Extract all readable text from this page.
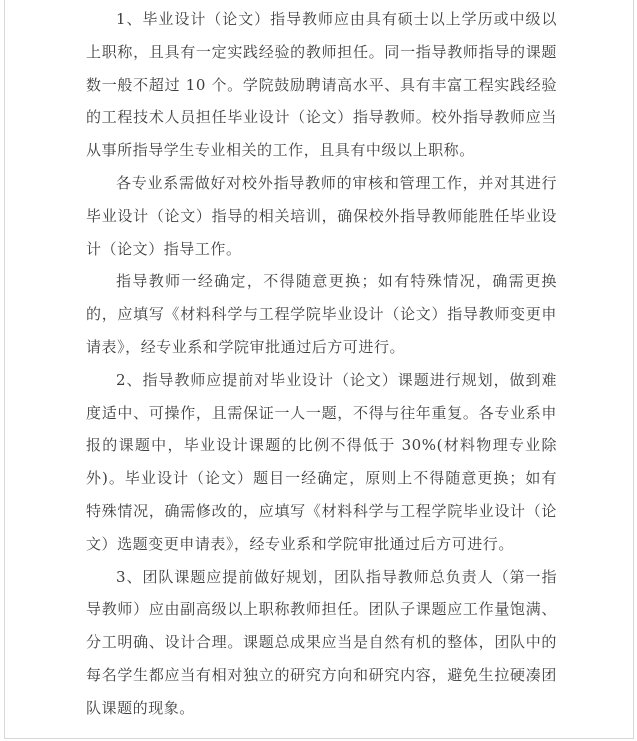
1、毕业设计（论文）指导教师应由具有硕士以上学历或中级以上职称，且具有一定实践经验的教师担任。同一指导教师指导的课题数一般不超过 10 个。学院鼓励聘请高水平、具有丰富工程实践经验的工程技术人员担任毕业设计（论文）指导教师。校外指导教师应当从事所指导学生专业相关的工作，且具有中级以上职称。

各专业系需做好对校外指导教师的审核和管理工作，并对其进行毕业设计（论文）指导的相关培训，确保校外指导教师能胜任毕业设计（论文）指导工作。

指导教师一经确定，不得随意更换；如有特殊情况，确需更换的，应填写《材料科学与工程学院毕业设计（论文）指导教师变更申请表》，经专业系和学院审批通过后方可进行。

2、指导教师应提前对毕业设计（论文）课题进行规划，做到难度适中、可操作，且需保证一人一题，不得与往年重复。各专业系申报的课题中，毕业设计课题的比例不得低于 30%(材料物理专业除外)。毕业设计（论文）题目一经确定，原则上不得随意更换；如有特殊情况，确需修改的，应填写《材料科学与工程学院毕业设计（论文）选题变更申请表》，经专业系和学院审批通过后方可进行。

3、团队课题应提前做好规划，团队指导教师总负责人（第一指导教师）应由副高级以上职称教师担任。团队子课题应工作量饱满、分工明确、设计合理。课题总成果应当是自然有机的整体，团队中的每名学生都应当有相对独立的研究方向和研究内容，避免生拉硬凑团队课题的现象。
